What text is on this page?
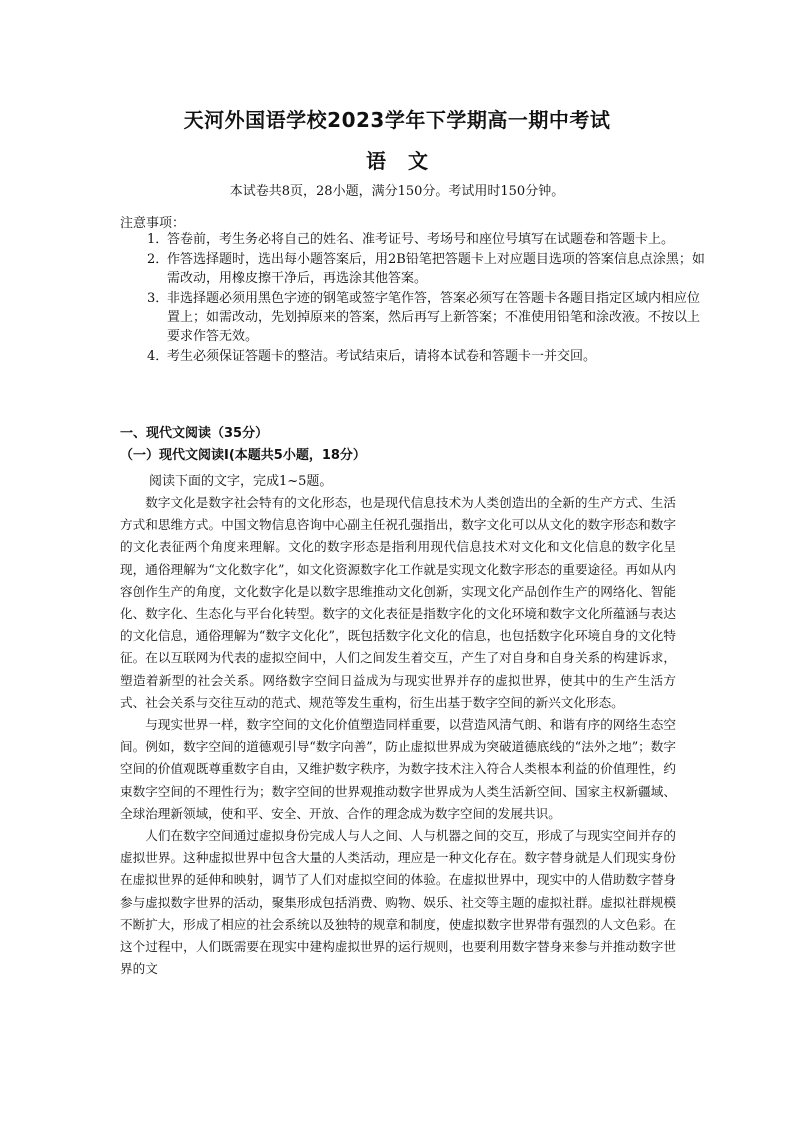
天河外国语学校2023学年下学期高一期中考试
语文
本试卷共8页，28小题，满分150分。考试用时150分钟。
注意事项：
1．
答卷前，考生务必将自己的姓名、准考证号、考场号和座位号填写在试题卷和答题卡上。
2．
作答选择题时，选出每小题答案后，用2B铅笔把答题卡上对应题目选项的答案信息点涂黑；如需改动，用橡皮擦干净后，再选涂其他答案。
3．
非选择题必须用黑色字迹的钢笔或签字笔作答，答案必须写在答题卡各题目指定区域内相应位置上；如需改动，先划掉原来的答案，然后再写上新答案；不准使用铅笔和涂改液。不按以上要求作答无效。
4．
考生必须保证答题卡的整洁。考试结束后，请将本试卷和答题卡一并交回。
一、现代文阅读（35分）
（一）现代文阅读Ⅰ(本题共5小题，18分）
阅读下面的文字，完成1~5题。

数字文化是数字社会特有的文化形态，也是现代信息技术为人类创造出的全新的生产方式、生活方式和思维方式。中国文物信息咨询中心副主任祝孔强指出，数字文化可以从文化的数字形态和数字的文化表征两个角度来理解。文化的数字形态是指利用现代信息技术对文化和文化信息的数字化呈现，通俗理解为“文化数字化”，如文化资源数字化工作就是实现文化数字形态的重要途径。再如从内容创作生产的角度，文化数字化是以数字思维推动文化创新，实现文化产品创作生产的网络化、智能化、数字化、生态化与平台化转型。数字的文化表征是指数字化的文化环境和数字文化所蕴涵与表达的文化信息，通俗理解为“数字文化化”，既包括数字化文化的信息，也包括数字化环境自身的文化特征。在以互联网为代表的虚拟空间中，人们之间发生着交互，产生了对自身和自身关系的构建诉求，塑造着新型的社会关系。网络数字空间日益成为与现实世界并存的虚拟世界，使其中的生产生活方式、社会关系与交往互动的范式、规范等发生重构，衍生出基于数字空间的新兴文化形态。

与现实世界一样，数字空间的文化价值塑造同样重要，以营造风清气朗、和谐有序的网络生态空间。例如，数字空间的道德观引导“数字向善”，防止虚拟世界成为突破道德底线的“法外之地”；数字空间的价值观既尊重数字自由，又维护数字秩序，为数字技术注入符合人类根本利益的价值理性，约束数字空间的不理性行为；数字空间的世界观推动数字世界成为人类生活新空间、国家主权新疆域、全球治理新领域，使和平、安全、开放、合作的理念成为数字空间的发展共识。

人们在数字空间通过虚拟身份完成人与人之间、人与机器之间的交互，形成了与现实空间并存的虚拟世界。这种虚拟世界中包含大量的人类活动，理应是一种文化存在。数字替身就是人们现实身份在虚拟世界的延伸和映射，调节了人们对虚拟空间的体验。在虚拟世界中，现实中的人借助数字替身参与虚拟数字世界的活动，聚集形成包括消费、购物、娱乐、社交等主题的虚拟社群。虚拟社群规模不断扩大，形成了相应的社会系统以及独特的规章和制度，使虚拟数字世界带有强烈的人文色彩。在这个过程中，人们既需要在现实中建构虚拟世界的运行规则，也要利用数字替身来参与并推动数字世界的文
